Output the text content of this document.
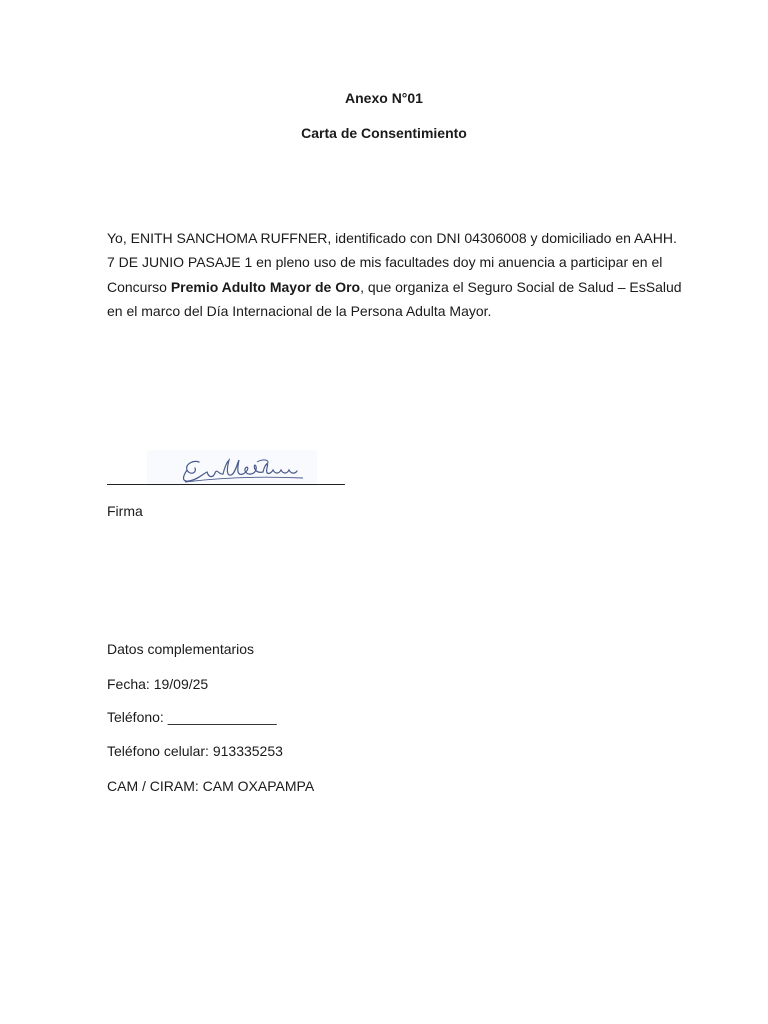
Anexo N°01
Carta de Consentimiento
Yo, ENITH SANCHOMA RUFFNER, identificado con DNI 04306008 y domiciliado en AAHH.
7 DE JUNIO PASAJE 1 en pleno uso de mis facultades doy mi anuencia a participar en el
Concurso Premio Adulto Mayor de Oro, que organiza el Seguro Social de Salud – EsSalud
en el marco del Día Internacional de la Persona Adulta Mayor.
Firma
Datos complementarios
Fecha: 19/09/25
Teléfono: ______________
Teléfono celular: 913335253
CAM / CIRAM: CAM OXAPAMPA
